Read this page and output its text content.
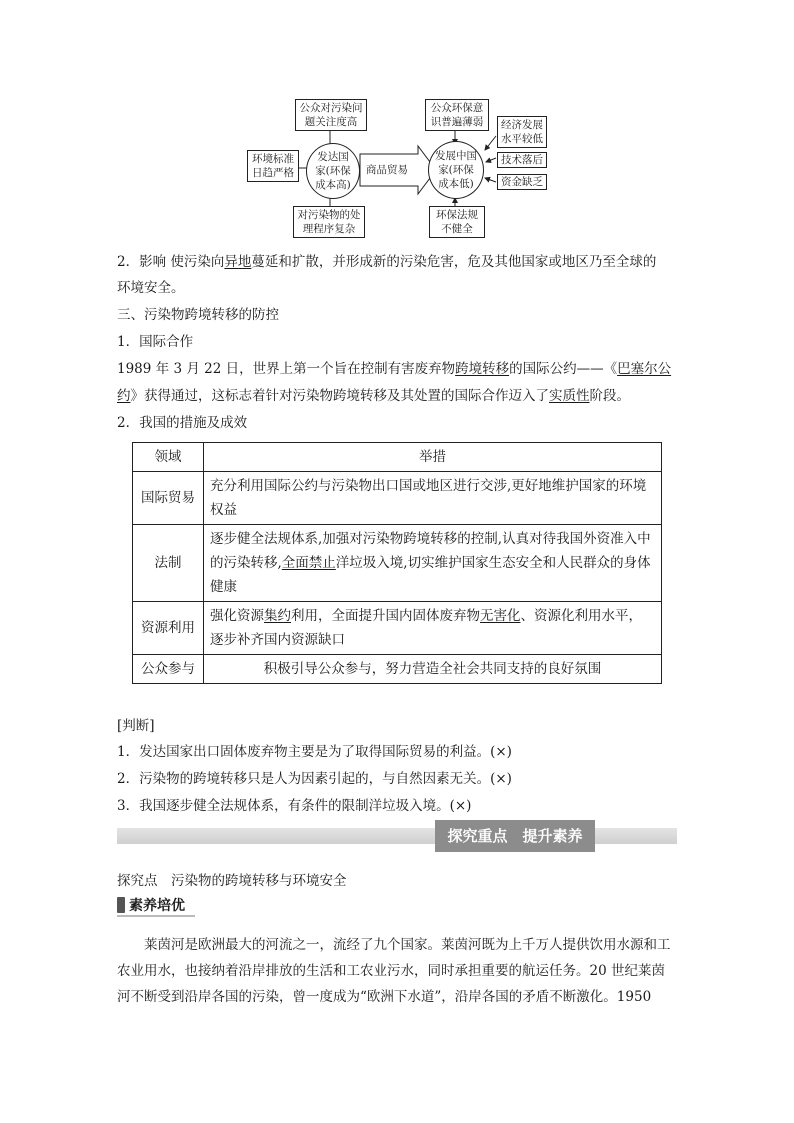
公众对污染问题关注度高
环境标准日趋严格
发达国家(环保成本高)
对污染物的处理程序复杂
商品贸易
公众环保意识普遍薄弱
发展中国家(环保成本低)
环保法规不健全
经济发展水平较低
技术落后
资金缺乏
2．影响 使污染向异地蔓延和扩散，并形成新的污染危害，危及其他国家或地区乃至全球的
环境安全。
三、污染物跨境转移的防控
1．国际合作
1989 年 3 月 22 日，世界上第一个旨在控制有害废弃物跨境转移的国际公约——《巴塞尔公
约》获得通过，这标志着针对污染物跨境转移及其处置的国际合作迈入了实质性阶段。
2．我国的措施及成效
领域	举措
国际贸易	充分利用国际公约与污染物出口国或地区进行交涉,更好地维护国家的环境权益
法制	逐步健全法规体系,加强对污染物跨境转移的控制,认真对待我国外资准入中的污染转移,全面禁止洋垃圾入境,切实维护国家生态安全和人民群众的身体健康
资源利用	强化资源集约利用，全面提升国内固体废弃物无害化、资源化利用水平，逐步补齐国内资源缺口
公众参与	积极引导公众参与，努力营造全社会共同支持的良好氛围
[判断]
1．发达国家出口固体废弃物主要是为了取得国际贸易的利益。(×)
2．污染物的跨境转移只是人为因素引起的，与自然因素无关。(×)
3．我国逐步健全法规体系，有条件的限制洋垃圾入境。(×)
探究重点　提升素养
探究点　污染物的跨境转移与环境安全
素养培优
莱茵河是欧洲最大的河流之一，流经了九个国家。莱茵河既为上千万人提供饮用水源和工农业用水，也接纳着沿岸排放的生活和工农业污水，同时承担重要的航运任务。20 世纪莱茵河不断受到沿岸各国的污染，曾一度成为“欧洲下水道”，沿岸各国的矛盾不断激化。1950
